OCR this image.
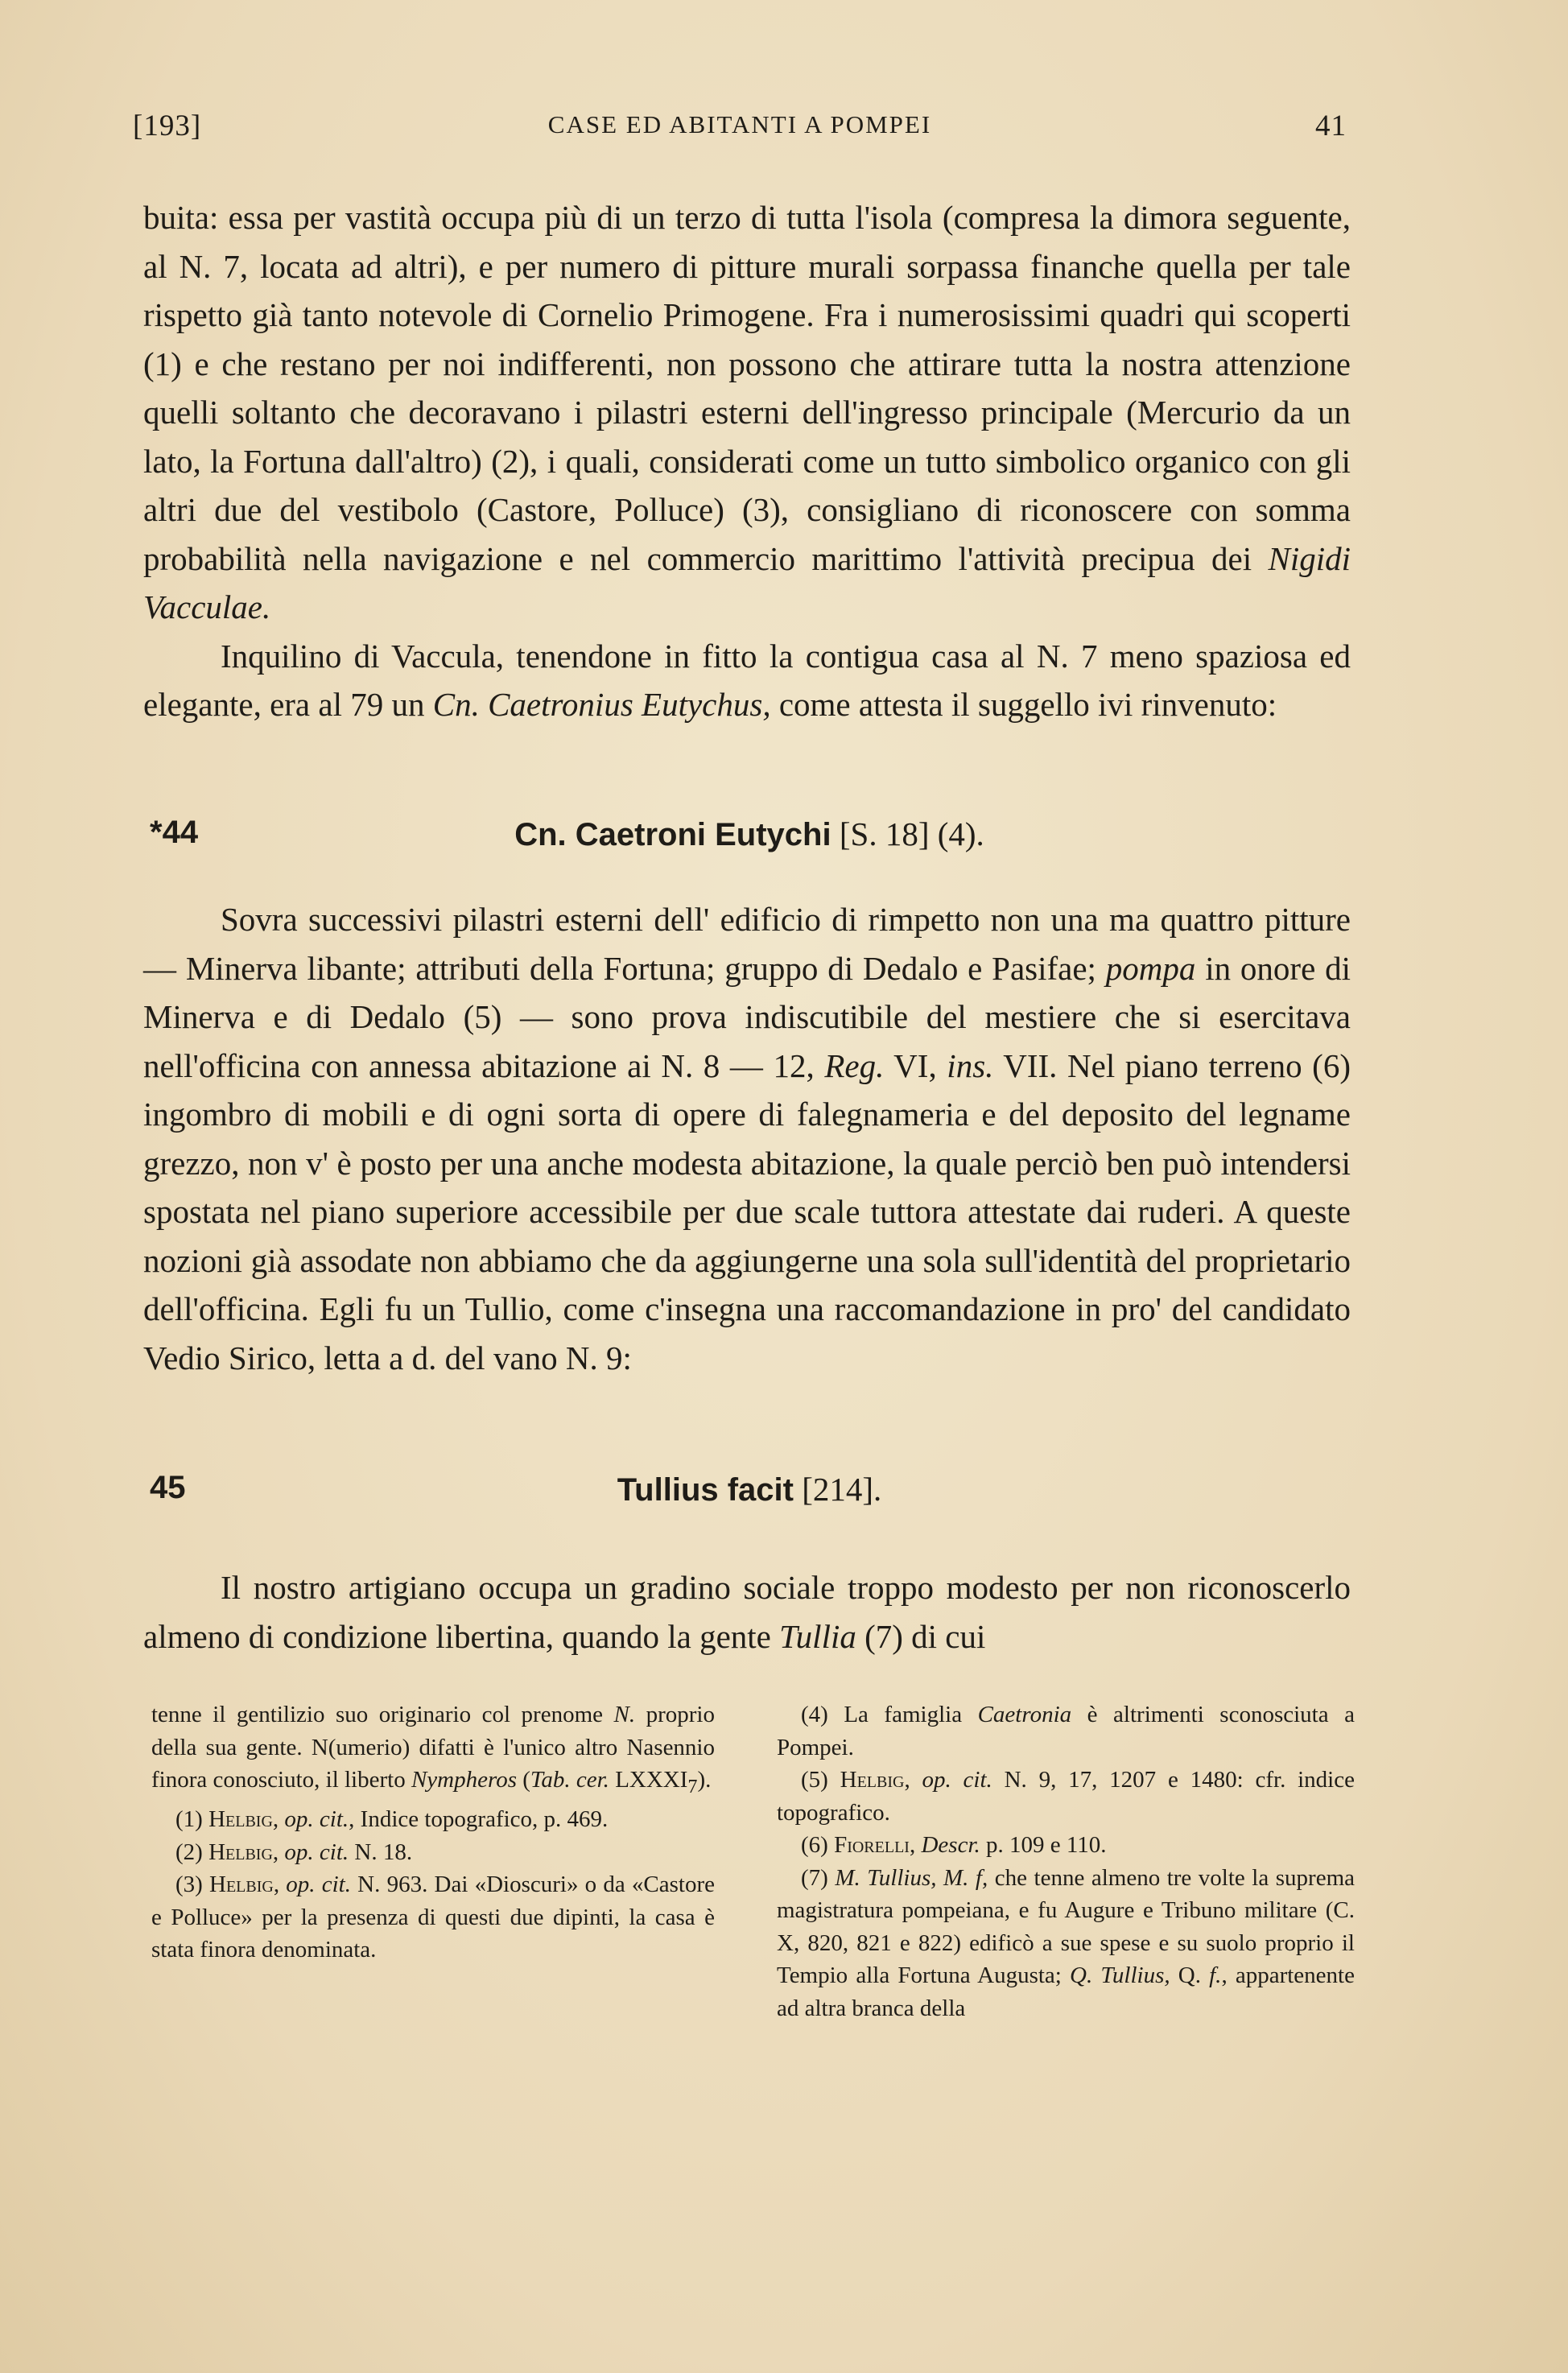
[193]	CASE ED ABITANTI A POMPEI	41

buita: essa per vastità occupa più di un terzo di tutta l'isola (compresa la dimora seguente, al N. 7, locata ad altri), e per numero di pitture murali sorpassa finanche quella per tale rispetto già tanto notevole di Cornelio Primogene. Fra i numerosissimi quadri qui scoperti (1) e che restano per noi indifferenti, non possono che attirare tutta la nostra attenzione quelli soltanto che decoravano i pilastri esterni dell'ingresso principale (Mercurio da un lato, la Fortuna dall'altro) (2), i quali, considerati come un tutto simbolico organico con gli altri due del vestibolo (Castore, Polluce) (3), consigliano di riconoscere con somma probabilità nella navigazione e nel commercio marittimo l'attività precipua dei Nigidi Vacculae.

Inquilino di Vaccula, tenendone in fitto la contigua casa al N. 7 meno spaziosa ed elegante, era al 79 un Cn. Caetronius Eutychus, come attesta il suggello ivi rinvenuto:

*44	Cn. Caetroni Eutychi [S. 18] (4).

Sovra successivi pilastri esterni dell' edificio di rimpetto non una ma quattro pitture — Minerva libante; attributi della Fortuna; gruppo di Dedalo e Pasifae; pompa in onore di Minerva e di Dedalo (5) — sono prova indiscutibile del mestiere che si esercitava nell'officina con annessa abitazione ai N. 8 — 12, Reg. VI, ins. VII. Nel piano terreno (6) ingombro di mobili e di ogni sorta di opere di falegnameria e del deposito del legname grezzo, non v' è posto per una anche modesta abitazione, la quale perciò ben può intendersi spostata nel piano superiore accessibile per due scale tuttora attestate dai ruderi. A queste nozioni già assodate non abbiamo che da aggiungerne una sola sull'identità del proprietario dell'officina. Egli fu un Tullio, come c'insegna una raccomandazione in pro' del candidato Vedio Sirico, letta a d. del vano N. 9:

45	Tullius facit [214].

Il nostro artigiano occupa un gradino sociale troppo modesto per non riconoscerlo almeno di condizione libertina, quando la gente Tullia (7) di cui

tenne il gentilizio suo originario col prenome N. proprio della sua gente. N(umerio) difatti è l'unico altro Nasennio finora conosciuto, il liberto Nympheros (Tab. cer. $LXXXI_7$).

(1) Helbig, op. cit., Indice topografico, p. 469.

(2) Helbig, op. cit. N. 18.

(3) Helbig, op. cit. N. 963. Dai «Dioscuri» o da «Castore e Polluce» per la presenza di questi due dipinti, la casa è stata finora denominata.

(4) La famiglia Caetronia è altrimenti sconosciuta a Pompei.

(5) Helbig, op. cit. N. 9, 17, 1207 e 1480: cfr. indice topografico.

(6) Fiorelli, Descr. p. 109 e 110.

(7) M. Tullius, M. f, che tenne almeno tre volte la suprema magistratura pompeiana, e fu Augure e Tribuno militare (C. X, 820, 821 e 822) edificò a sue spese e su suolo proprio il Tempio alla Fortuna Augusta; Q. Tullius, Q. f., appartenente ad altra branca della
